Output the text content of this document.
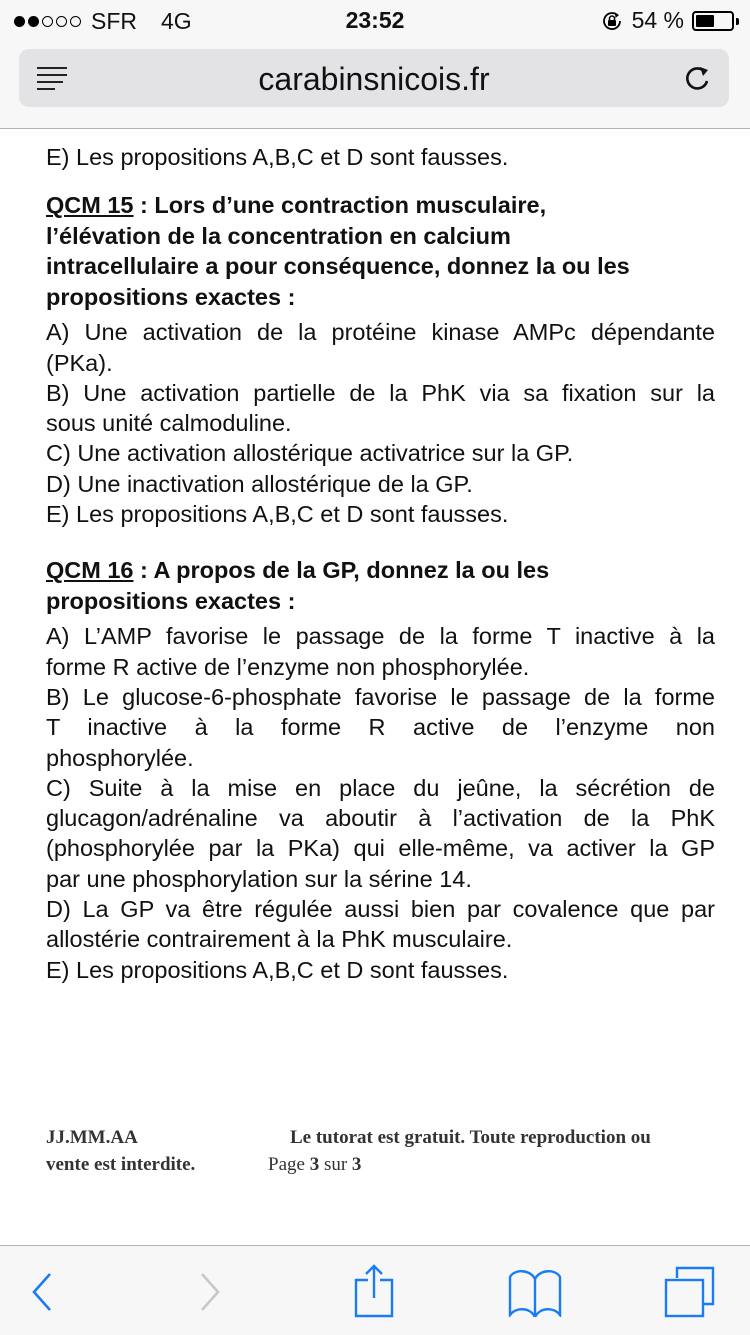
SFR 4G	23:52	54 %
carabinsnicois.fr

E) Les propositions A,B,C et D sont fausses.
QCM 15 : Lors d’une contraction musculaire,
l’élévation de la concentration en calcium
intracellulaire a pour conséquence, donnez la ou les
propositions exactes :
A) Une activation de la protéine kinase AMPc dépendante
(PKa).
B) Une activation partielle de la PhK via sa fixation sur la
sous unité calmoduline.
C) Une activation allostérique activatrice sur la GP.
D) Une inactivation allostérique de la GP.
E) Les propositions A,B,C et D sont fausses.
QCM 16 : A propos de la GP, donnez la ou les
propositions exactes :
A) L’AMP favorise le passage de la forme T inactive à la
forme R active de l’enzyme non phosphorylée.
B) Le glucose-6-phosphate favorise le passage de la forme
T inactive à la forme R active de l’enzyme non
phosphorylée.
C) Suite à la mise en place du jeûne, la sécrétion de
glucagon/adrénaline va aboutir à l’activation de la PhK
(phosphorylée par la PKa) qui elle-même, va activer la GP
par une phosphorylation sur la sérine 14.
D) La GP va être régulée aussi bien par covalence que par
allostérie contrairement à la PhK musculaire.
E) Les propositions A,B,C et D sont fausses.
JJ.MM.AA	Le tutorat est gratuit. Toute reproduction ou
vente est interdite.	Page 3 sur 3
